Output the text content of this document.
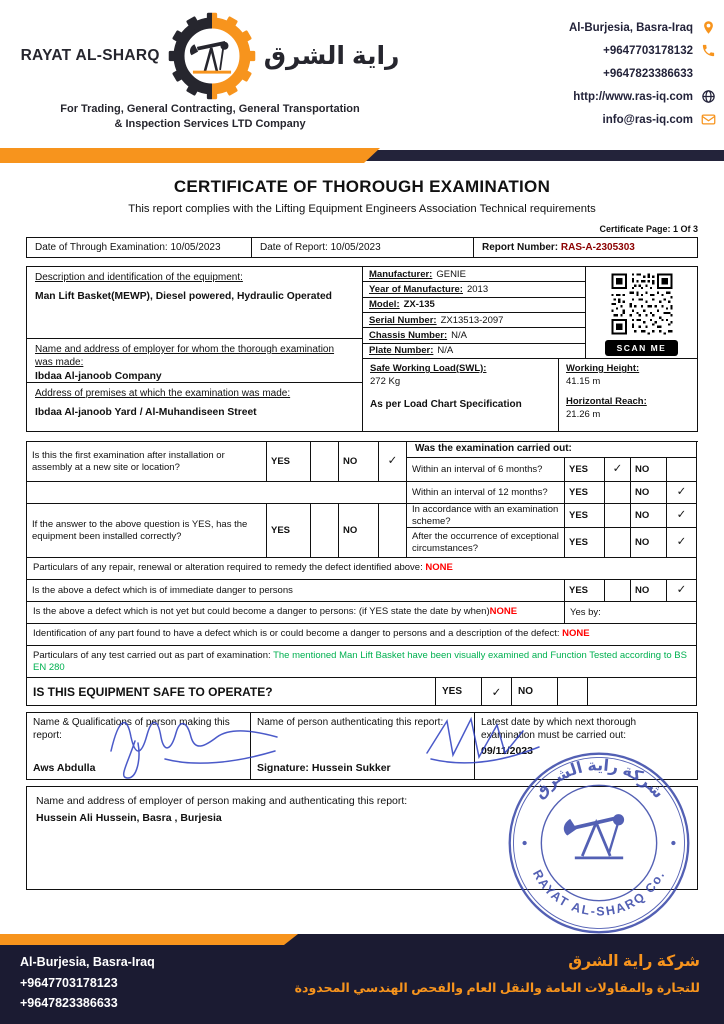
RAYAT AL-SHARQ	راية الشرق
For Trading, General Contracting, General Transportation
& Inspection Services LTD Company
Al-Burjesia, Basra-Iraq
+9647703178132
+9647823386633
http://www.ras-iq.com
info@ras-iq.com
CERTIFICATE OF THOROUGH EXAMINATION
This report complies with the Lifting Equipment Engineers Association Technical requirements
Certificate Page: 1 Of 3
Date of Through Examination: 10/05/2023	Date of Report: 10/05/2023	Report Number: RAS-A-2305303
Description and identification of the equipment:
Man Lift Basket(MEWP), Diesel powered, Hydraulic Operated
Name and address of employer for whom the thorough examination was made:
Ibdaa Al-janoob Company
Address of premises at which the examination was made:
Ibdaa Al-janoob Yard / Al-Muhandiseen Street
Manufacturer: GENIE
Year of Manufacture: 2013
Model: ZX-135
Serial Number: ZX13513-2097
Chassis Number: N/A
Plate Number: N/A	SCAN ME
Safe Working Load(SWL):
272 Kg
As per Load Chart Specification
Working Height:
41.15 m
Horizontal Reach:
21.26 m
Is this the first examination after installation or assembly at a new site or location?
YES	NO	✓
Was the examination carried out:
Within an interval of 6 months?	YES	✓	NO
Within an interval of 12 months?	YES	NO	✓
If the answer to the above question is YES, has the equipment been installed correctly?
YES	NO
In accordance with an examination scheme?
YES	NO	✓
After the occurrence of exceptional circumstances?
YES	NO	✓
Particulars of any repair, renewal or alteration required to remedy the defect identified above: NONE
Is the above a defect which is of immediate danger to persons	YES	NO	✓
Is the above a defect which is not yet but could become a danger to persons: (if YES state the date by when)NONE	Yes by:
Identification of any part found to have a defect which is or could become a danger to persons and a description of the defect: NONE
Particulars of any test carried out as part of examination: The mentioned Man Lift Basket have been visually examined and Function Tested according to BS EN 280
IS THIS EQUIPMENT SAFE TO OPERATE?	YES	✓	NO
Name & Qualifications of person making this report:
Aws Abdulla
Name of person authenticating this report:
Signature: Hussein Sukker
Latest date by which next thorough examination must be carried out:
09/11/2023
Name and address of employer of person making and authenticating this report:
Hussein Ali Hussein, Basra , Burjesia
شركة راية الشرق
RAYAT AL-SHARQ Co.
Al-Burjesia, Basra-Iraq
+9647703178123
+9647823386633
شركة راية الشرق
للتجارة والمقاولات العامة والنقل العام والفحص الهندسي المحدودة
